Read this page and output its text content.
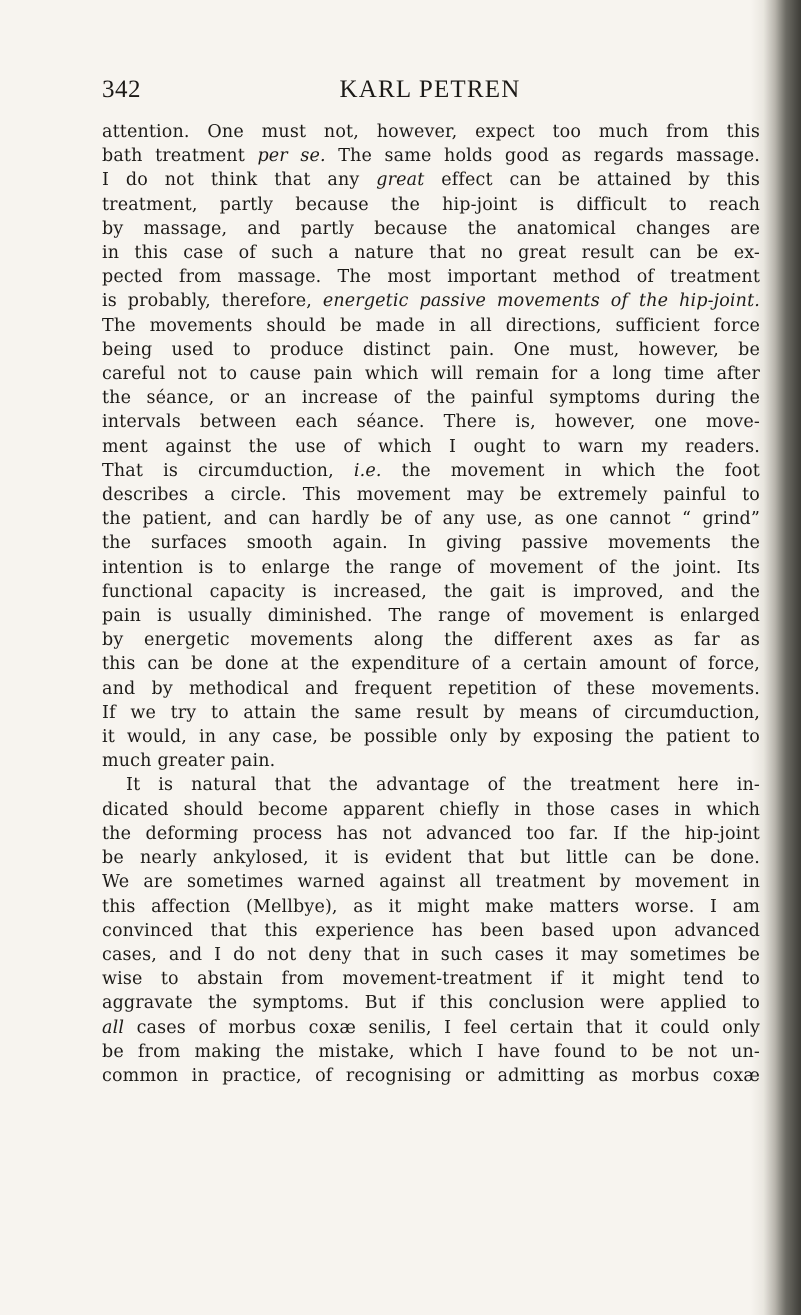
342	KARL PETREN
attention. One must not, however, expect too much from this
bath treatment per se. The same holds good as regards massage.
I do not think that any great effect can be attained by this
treatment, partly because the hip-joint is difficult to reach
by massage, and partly because the anatomical changes are
in this case of such a nature that no great result can be ex-
pected from massage. The most important method of treatment
is probably, therefore, energetic passive movements of the hip-joint.
The movements should be made in all directions, sufficient force
being used to produce distinct pain. One must, however, be
careful not to cause pain which will remain for a long time after
the séance, or an increase of the painful symptoms during the
intervals between each séance. There is, however, one move-
ment against the use of which I ought to warn my readers.
That is circumduction, i.e. the movement in which the foot
describes a circle. This movement may be extremely painful to
the patient, and can hardly be of any use, as one cannot “ grind”
the surfaces smooth again. In giving passive movements the
intention is to enlarge the range of movement of the joint. Its
functional capacity is increased, the gait is improved, and the
pain is usually diminished. The range of movement is enlarged
by energetic movements along the different axes as far as
this can be done at the expenditure of a certain amount of force,
and by methodical and frequent repetition of these movements.
If we try to attain the same result by means of circumduction,
it would, in any case, be possible only by exposing the patient to
much greater pain.
It is natural that the advantage of the treatment here in-
dicated should become apparent chiefly in those cases in which
the deforming process has not advanced too far. If the hip-joint
be nearly ankylosed, it is evident that but little can be done.
We are sometimes warned against all treatment by movement in
this affection (Mellbye), as it might make matters worse. I am
convinced that this experience has been based upon advanced
cases, and I do not deny that in such cases it may sometimes be
wise to abstain from movement-treatment if it might tend to
aggravate the symptoms. But if this conclusion were applied to
all cases of morbus coxæ senilis, I feel certain that it could only
be from making the mistake, which I have found to be not un-
common in practice, of recognising or admitting as morbus coxæ
